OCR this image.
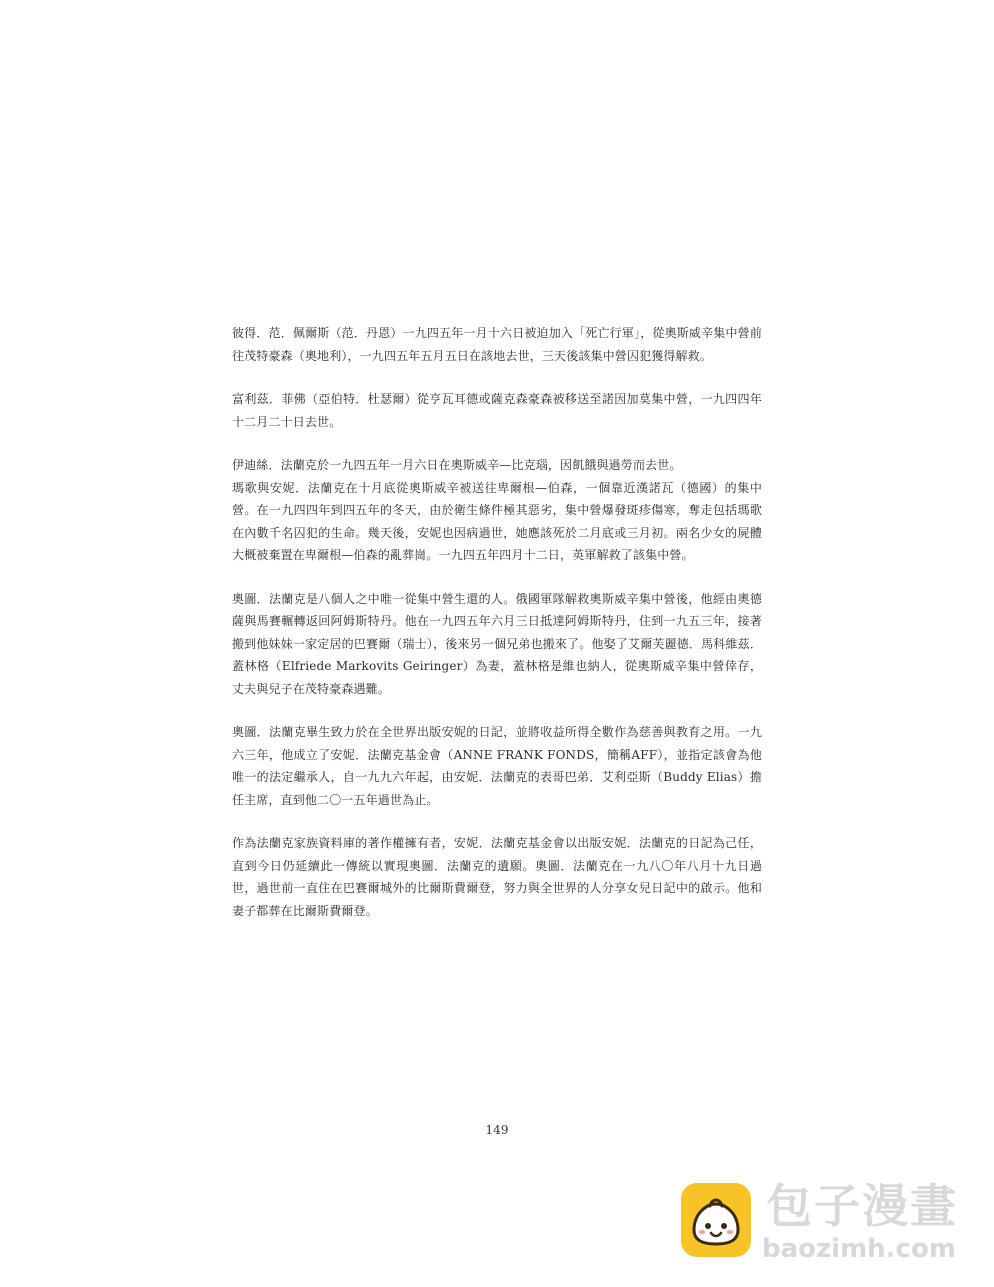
彼得．范．佩爾斯（范．丹恩）一九四五年一月十六日被迫加入「死亡行軍」，從奧斯威辛集中營前往茂特豪森（奧地利），一九四五年五月五日在該地去世，三天後該集中營囚犯獲得解救。

富利茲．菲佛（亞伯特．杜瑟爾）從亨瓦耳德或薩克森豪森被移送至諾因加莫集中營，一九四四年十二月二十日去世。

伊迪絲．法蘭克於一九四五年一月六日在奧斯威辛—比克瑙，因飢餓與過勞而去世。

瑪歌與安妮．法蘭克在十月底從奧斯威辛被送往卑爾根—伯森，一個靠近漢諾瓦（德國）的集中營。在一九四四年到四五年的冬天，由於衛生條件極其惡劣，集中營爆發斑疹傷寒，奪走包括瑪歌在內數千名囚犯的生命。幾天後，安妮也因病過世，她應該死於二月底或三月初。兩名少女的屍體大概被棄置在卑爾根—伯森的亂葬崗。一九四五年四月十二日，英軍解救了該集中營。

奧圖．法蘭克是八個人之中唯一從集中營生還的人。俄國軍隊解救奧斯威辛集中營後，他經由奧德薩與馬賽輾轉返回阿姆斯特丹。他在一九四五年六月三日抵達阿姆斯特丹，住到一九五三年，接著搬到他妹妹一家定居的巴賽爾（瑞士），後來另一個兄弟也搬來了。他娶了艾爾芙麗德．馬科維茲．蓋林格（Elfriede Markovits Geiringer）為妻，蓋林格是維也納人，從奧斯威辛集中營倖存，丈夫與兒子在茂特豪森遇難。

奧圖．法蘭克畢生致力於在全世界出版安妮的日記，並將收益所得全數作為慈善與教育之用。一九六三年，他成立了安妮．法蘭克基金會（ANNE FRANK FONDS，簡稱AFF），並指定該會為他唯一的法定繼承人，自一九九六年起，由安妮．法蘭克的表哥巴弟．艾利亞斯（Buddy Elias）擔任主席，直到他二〇一五年過世為止。

作為法蘭克家族資料庫的著作權擁有者，安妮．法蘭克基金會以出版安妮．法蘭克的日記為己任，直到今日仍延續此一傳統以實現奧圖．法蘭克的遺願。奧圖．法蘭克在一九八〇年八月十九日過世，過世前一直住在巴賽爾城外的比爾斯費爾登，努力與全世界的人分享女兒日記中的啟示。他和妻子都葬在比爾斯費爾登。

149
包子漫畫
baozimh.com
